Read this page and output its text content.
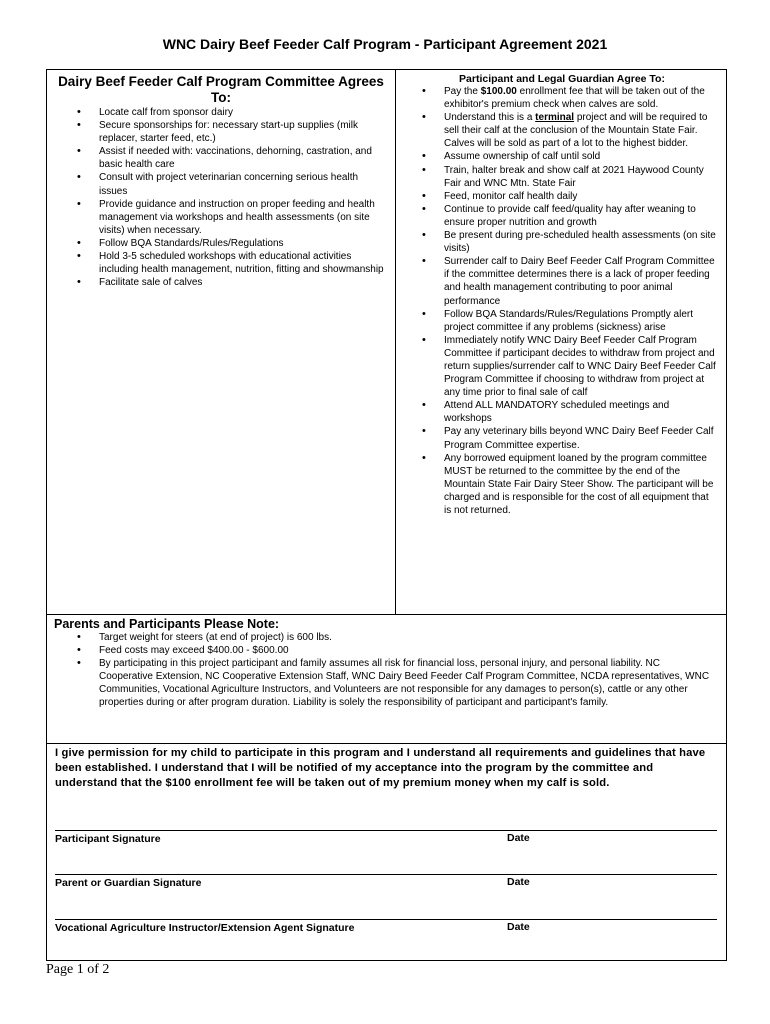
WNC Dairy Beef Feeder Calf Program - Participant Agreement 2021
Dairy Beef Feeder Calf Program Committee Agrees To:
• Locate calf from sponsor dairy
• Secure sponsorships for: necessary start-up supplies (milk replacer, starter feed, etc.)
• Assist if needed with: vaccinations, dehorning, castration, and basic health care
• Consult with project veterinarian concerning serious health issues
• Provide guidance and instruction on proper feeding and health management via workshops and health assessments (on site visits) when necessary.
• Follow BQA Standards/Rules/Regulations
• Hold 3-5 scheduled workshops with educational activities including health management, nutrition, fitting and showmanship
• Facilitate sale of calves
Participant and Legal Guardian Agree To:
• Pay the $100.00 enrollment fee that will be taken out of the exhibitor's premium check when calves are sold.
• Understand this is a terminal project and will be required to sell their calf at the conclusion of the Mountain State Fair. Calves will be sold as part of a lot to the highest bidder.
• Assume ownership of calf until sold
• Train, halter break and show calf at 2021 Haywood County Fair and WNC Mtn. State Fair
• Feed, monitor calf health daily
• Continue to provide calf feed/quality hay after weaning to ensure proper nutrition and growth
• Be present during pre-scheduled health assessments (on site visits)
• Surrender calf to Dairy Beef Feeder Calf Program Committee if the committee determines there is a lack of proper feeding and health management contributing to poor animal performance
• Follow BQA Standards/Rules/Regulations Promptly alert project committee if any problems (sickness) arise
• Immediately notify WNC Dairy Beef Feeder Calf Program Committee if participant decides to withdraw from project and return supplies/surrender calf to WNC Dairy Beef Feeder Calf Program Committee if choosing to withdraw from project at any time prior to final sale of calf
• Attend ALL MANDATORY scheduled meetings and workshops
• Pay any veterinary bills beyond WNC Dairy Beef Feeder Calf Program Committee expertise.
• Any borrowed equipment loaned by the program committee MUST be returned to the committee by the end of the Mountain State Fair Dairy Steer Show. The participant will be charged and is responsible for the cost of all equipment that is not returned.
Parents and Participants Please Note:
• Target weight for steers (at end of project) is 600 lbs.
• Feed costs may exceed $400.00 - $600.00
• By participating in this project participant and family assumes all risk for financial loss, personal injury, and personal liability. NC Cooperative Extension, NC Cooperative Extension Staff, WNC Dairy Beed Feeder Calf Program Committee, NCDA representatives, WNC Communities, Vocational Agriculture Instructors, and Volunteers are not responsible for any damages to person(s), cattle or any other properties during or after program duration. Liability is solely the responsibility of participant and participant's family.
I give permission for my child to participate in this program and I understand all requirements and guidelines that have been established. I understand that I will be notified of my acceptance into the program by the committee and understand that the $100 enrollment fee will be taken out of my premium money when my calf is sold.
Participant Signature	Date
Parent or Guardian Signature	Date
Vocational Agriculture Instructor/Extension Agent Signature	Date
Page 1 of 2
